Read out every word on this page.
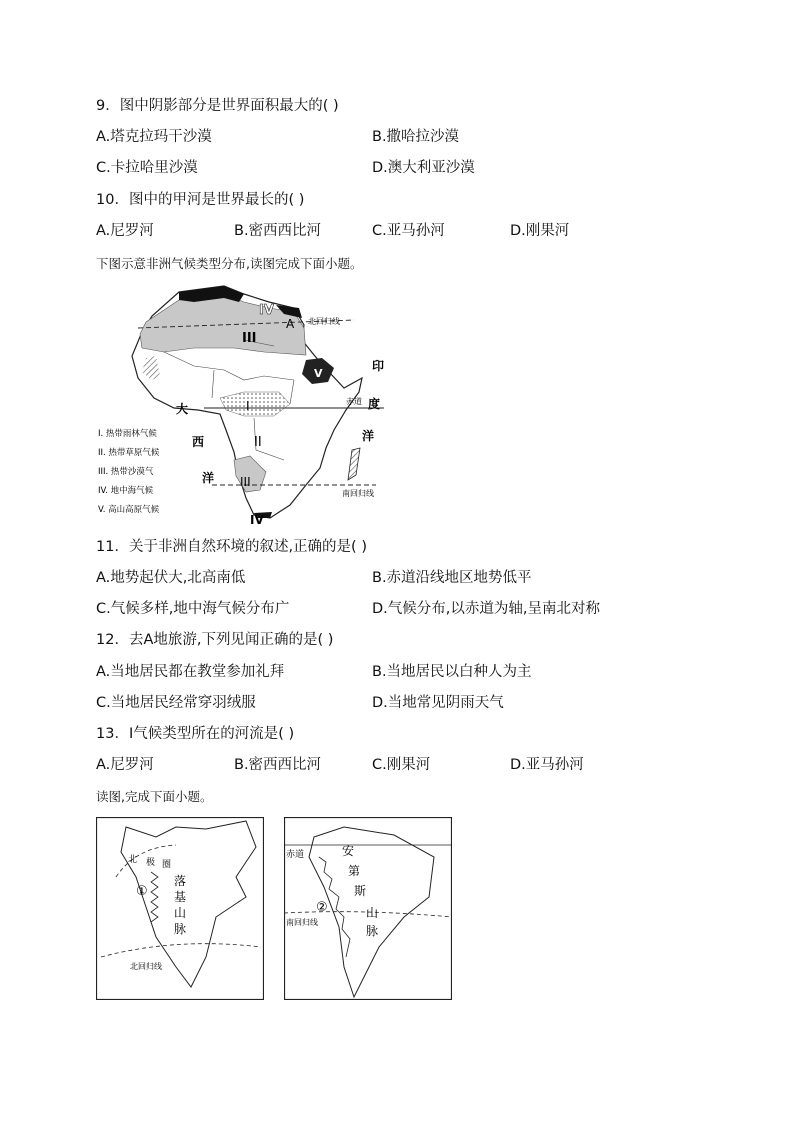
9．图中阴影部分是世界面积最大的( )
A.塔克拉玛干沙漠	B.撒哈拉沙漠
C.卡拉哈里沙漠	D.澳大利亚沙漠
10．图中的甲河是世界最长的( )
A.尼罗河	B.密西西比河	C.亚马孙河	D.刚果河
下图示意非洲气候类型分布,读图完成下面小题。
IV
A 北回归线
III
V
印
赤道 度
大	I
II
西	洋
洋 III
南回归线
IV
I. 热带雨林气候
II. 热带草原气候
III. 热带沙漠气
IV. 地中海气候
V. 高山高原气候
11．关于非洲自然环境的叙述,正确的是( )
A.地势起伏大,北高南低	B.赤道沿线地区地势低平
C.气候多样,地中海气候分布广	D.气候分布,以赤道为轴,呈南北对称
12．去A地旅游,下列见闻正确的是( )
A.当地居民都在教堂参加礼拜	B.当地居民以白种人为主
C.当地居民经常穿羽绒服	D.当地常见阴雨天气
13．I气候类型所在的河流是( )
A.尼罗河	B.密西西比河	C.刚果河	D.亚马孙河
读图,完成下面小题。
北 极 圈
①
落
基
山
脉
北回归线
赤道
②
南回归线
安
第
斯
山
脉
